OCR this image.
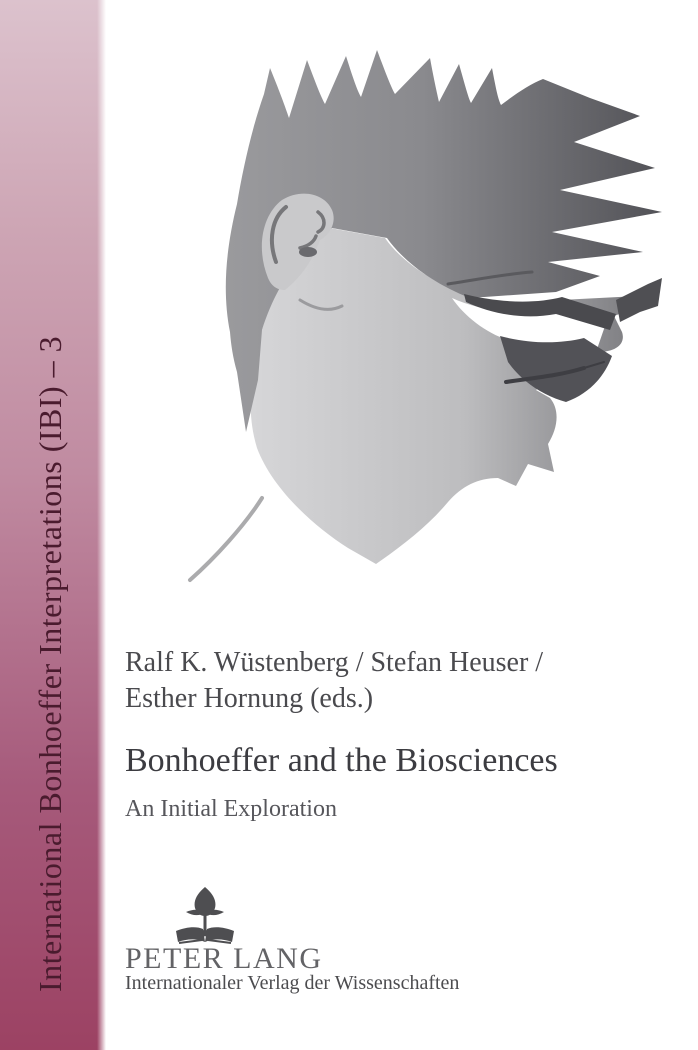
International Bonhoeffer Interpretations (IBI) – 3	Ralf K. Wüstenberg / Stefan Heuser /
Esther Hornung (eds.)
Bonhoeffer and the Biosciences
An Initial Exploration
PETER LANG
Internationaler Verlag der Wissenschaften
